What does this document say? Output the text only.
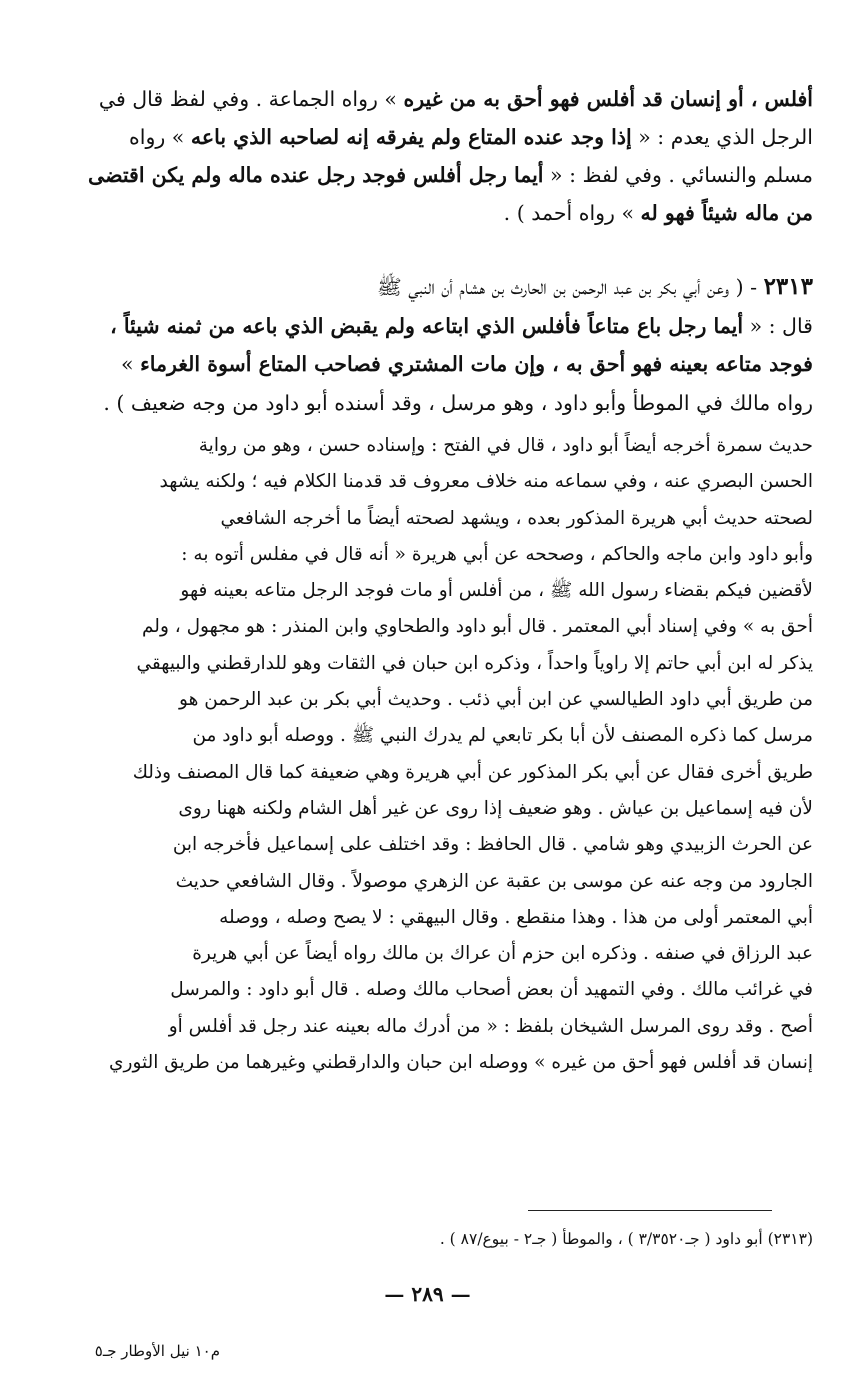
أفلس ، أو إنسان قد أفلس فهو أحق به من غيره » رواه الجماعة . وفي لفظ قال في
الرجل الذي يعدم : « إذا وجد عنده المتاع ولم يفرقه إنه لصاحبه الذي باعه » رواه
مسلم والنسائي . وفي لفظ : « أيما رجل أفلس فوجد رجل عنده ماله ولم يكن اقتضى
من ماله شيئاً فهو له » رواه أحمد ) .
٢٣١٣ - ( وعن أبي بكر بن عبد الرحمن بن الحارث بن هشام أن النبي ﷺ
قال : « أيما رجل باع متاعاً فأفلس الذي ابتاعه ولم يقبض الذي باعه من ثمنه شيئاً ،
فوجد متاعه بعينه فهو أحق به ، وإن مات المشتري فصاحب المتاع أسوة الغرماء »
رواه مالك في الموطأ وأبو داود ، وهو مرسل ، وقد أسنده أبو داود من وجه ضعيف ) .
حديث سمرة أخرجه أيضاً أبو داود ، قال في الفتح : وإسناده حسن ، وهو من رواية
الحسن البصري عنه ، وفي سماعه منه خلاف معروف قد قدمنا الكلام فيه ؛ ولكنه يشهد
لصحته حديث أبي هريرة المذكور بعده ، ويشهد لصحته أيضاً ما أخرجه الشافعي
وأبو داود وابن ماجه والحاكم ، وصححه عن أبي هريرة « أنه قال في مفلس أتوه به :
لأقضين فيكم بقضاء رسول الله ﷺ ، من أفلس أو مات فوجد الرجل متاعه بعينه فهو
أحق به » وفي إسناد أبي المعتمر . قال أبو داود والطحاوي وابن المنذر : هو مجهول ، ولم
يذكر له ابن أبي حاتم إلا راوياً واحداً ، وذكره ابن حبان في الثقات وهو للدارقطني والبيهقي
من طريق أبي داود الطيالسي عن ابن أبي ذئب . وحديث أبي بكر بن عبد الرحمن هو
مرسل كما ذكره المصنف لأن أبا بكر تابعي لم يدرك النبي ﷺ . ووصله أبو داود من
طريق أخرى فقال عن أبي بكر المذكور عن أبي هريرة وهي ضعيفة كما قال المصنف وذلك
لأن فيه إسماعيل بن عياش . وهو ضعيف إذا روى عن غير أهل الشام ولكنه ههنا روى
عن الحرث الزبيدي وهو شامي . قال الحافظ : وقد اختلف على إسماعيل فأخرجه ابن
الجارود من وجه عنه عن موسى بن عقبة عن الزهري موصولاً . وقال الشافعي حديث
أبي المعتمر أولى من هذا . وهذا منقطع . وقال البيهقي : لا يصح وصله ، ووصله
عبد الرزاق في صنفه . وذكره ابن حزم أن عراك بن مالك رواه أيضاً عن أبي هريرة
في غرائب مالك . وفي التمهيد أن بعض أصحاب مالك وصله . قال أبو داود : والمرسل
أصح . وقد روى المرسل الشيخان بلفظ : « من أدرك ماله بعينه عند رجل قد أفلس أو
إنسان قد أفلس فهو أحق من غيره » ووصله ابن حبان والدارقطني وغيرهما من طريق الثوري
(٢٣١٣) أبو داود ( جـ٣/٣٥٢٠ ) ، والموطأ ( جـ٢ - بيوع/٨٧ ) .
— ٢٨٩ —
م١٠ نيل الأوطار جـ٥
